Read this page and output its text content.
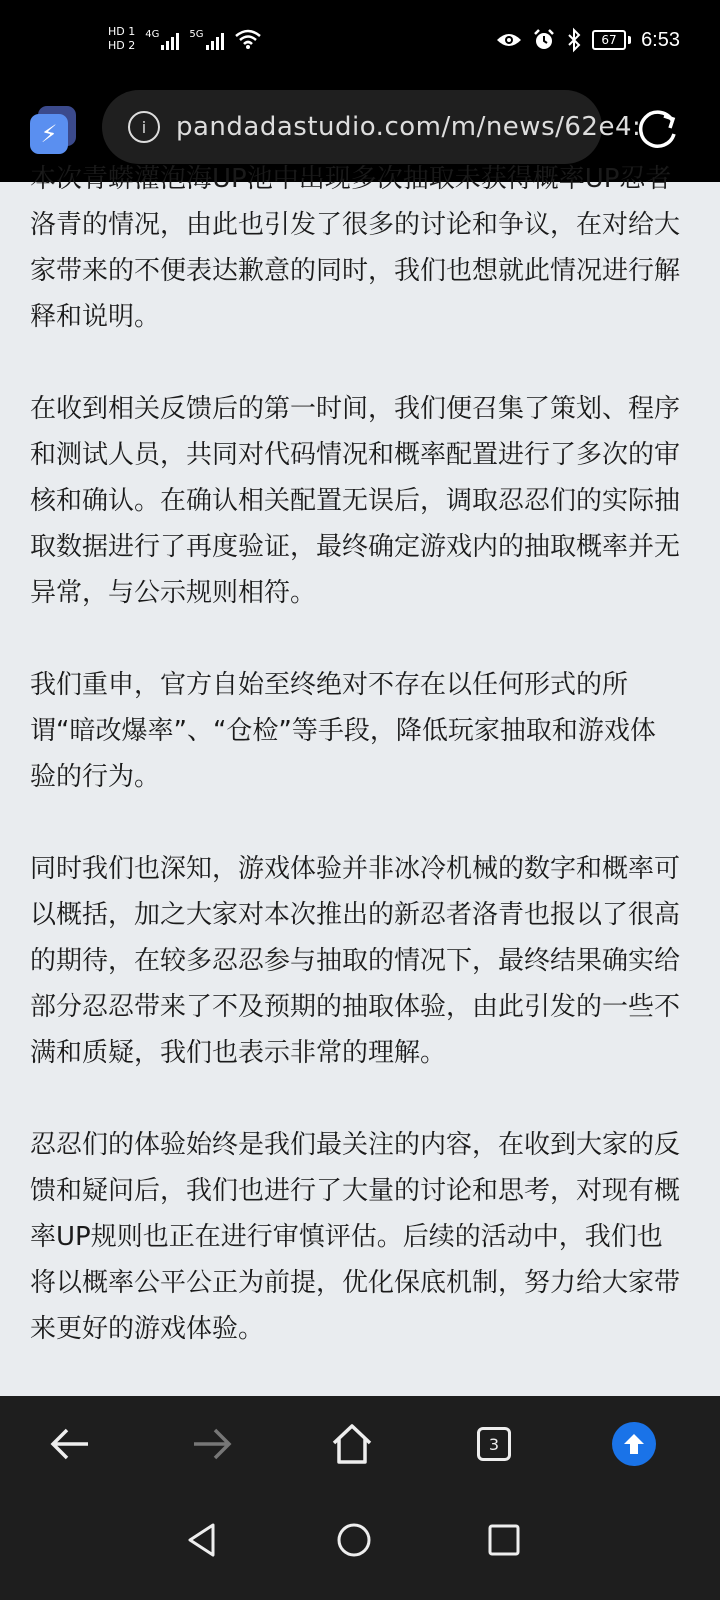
HD 1
HD 2
4G	5G	67	6:53
⚡	i	pandadastudio.com/m/news/62e4:

本次青蟒灌泡海UP池中出现多次抽取未获得概率UP忍者洛青的情况，由此也引发了很多的讨论和争议，在对给大家带来的不便表达歉意的同时，我们也想就此情况进行解释和说明。

在收到相关反馈后的第一时间，我们便召集了策划、程序和测试人员，共同对代码情况和概率配置进行了多次的审核和确认。在确认相关配置无误后，调取忍忍们的实际抽取数据进行了再度验证，最终确定游戏内的抽取概率并无异常，与公示规则相符。

我们重申，官方自始至终绝对不存在以任何形式的所谓“暗改爆率”、“仓检”等手段，降低玩家抽取和游戏体验的行为。

同时我们也深知，游戏体验并非冰冷机械的数字和概率可以概括，加之大家对本次推出的新忍者洛青也报以了很高的期待，在较多忍忍参与抽取的情况下，最终结果确实给部分忍忍带来了不及预期的抽取体验，由此引发的一些不满和质疑，我们也表示非常的理解。

忍忍们的体验始终是我们最关注的内容，在收到大家的反馈和疑问后，我们也进行了大量的讨论和思考，对现有概率UP规则也正在进行审慎评估。后续的活动中，我们也将以概率公平公正为前提，优化保底机制，努力给大家带来更好的游戏体验。

3
